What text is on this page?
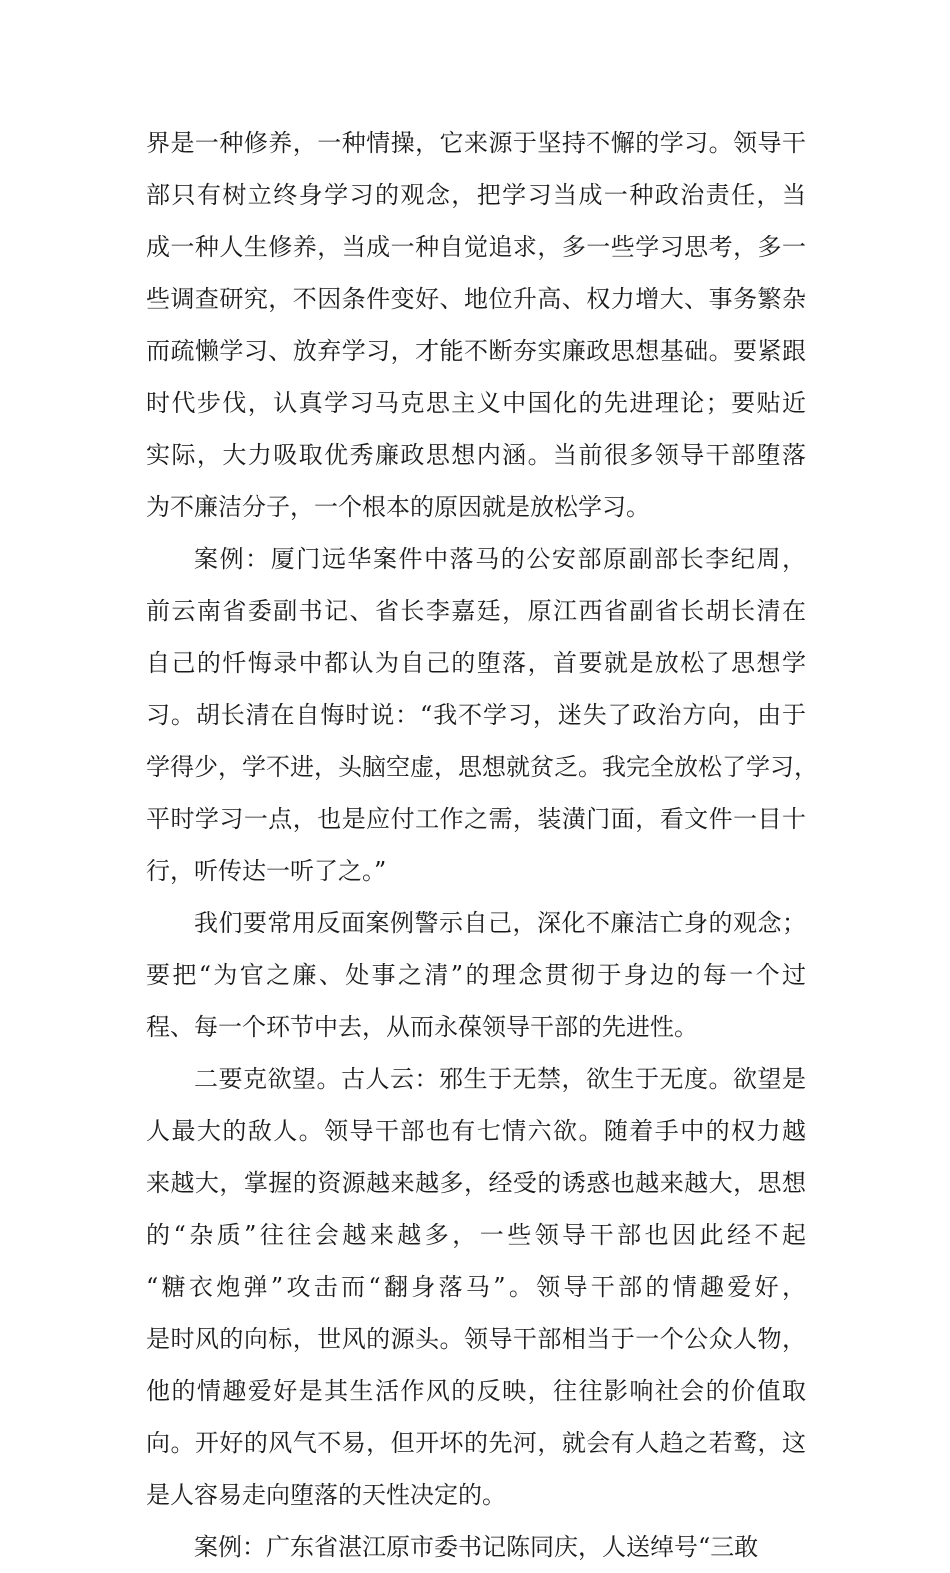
界是一种修养，一种情操，它来源于坚持不懈的学习。领导干
部只有树立终身学习的观念，把学习当成一种政治责任，当
成一种人生修养，当成一种自觉追求，多一些学习思考，多一
些调查研究，不因条件变好、地位升高、权力增大、事务繁杂
而疏懒学习、放弃学习，才能不断夯实廉政思想基础。要紧跟
时代步伐，认真学习马克思主义中国化的先进理论；要贴近
实际，大力吸取优秀廉政思想内涵。当前很多领导干部堕落
为不廉洁分子，一个根本的原因就是放松学习。
案例：厦门远华案件中落马的公安部原副部长李纪周，
前云南省委副书记、省长李嘉廷，原江西省副省长胡长清在
自己的忏悔录中都认为自己的堕落，首要就是放松了思想学
习。胡长清在自悔时说：“我不学习，迷失了政治方向，由于
学得少，学不进，头脑空虚，思想就贫乏。我完全放松了学习，
平时学习一点，也是应付工作之需，装潢门面，看文件一目十
行，听传达一听了之。”
我们要常用反面案例警示自己，深化不廉洁亡身的观念；
要把“为官之廉、处事之清”的理念贯彻于身边的每一个过
程、每一个环节中去，从而永葆领导干部的先进性。
二要克欲望。古人云：邪生于无禁，欲生于无度。欲望是
人最大的敌人。领导干部也有七情六欲。随着手中的权力越
来越大，掌握的资源越来越多，经受的诱惑也越来越大，思想
的“杂质”往往会越来越多，一些领导干部也因此经不起
“糖衣炮弹”攻击而“翻身落马”。领导干部的情趣爱好，
是时风的向标，世风的源头。领导干部相当于一个公众人物，
他的情趣爱好是其生活作风的反映，往往影响社会的价值取
向。开好的风气不易，但开坏的先河，就会有人趋之若鹜，这
是人容易走向堕落的天性决定的。
案例：广东省湛江原市委书记陈同庆，人送绰号“三敢
